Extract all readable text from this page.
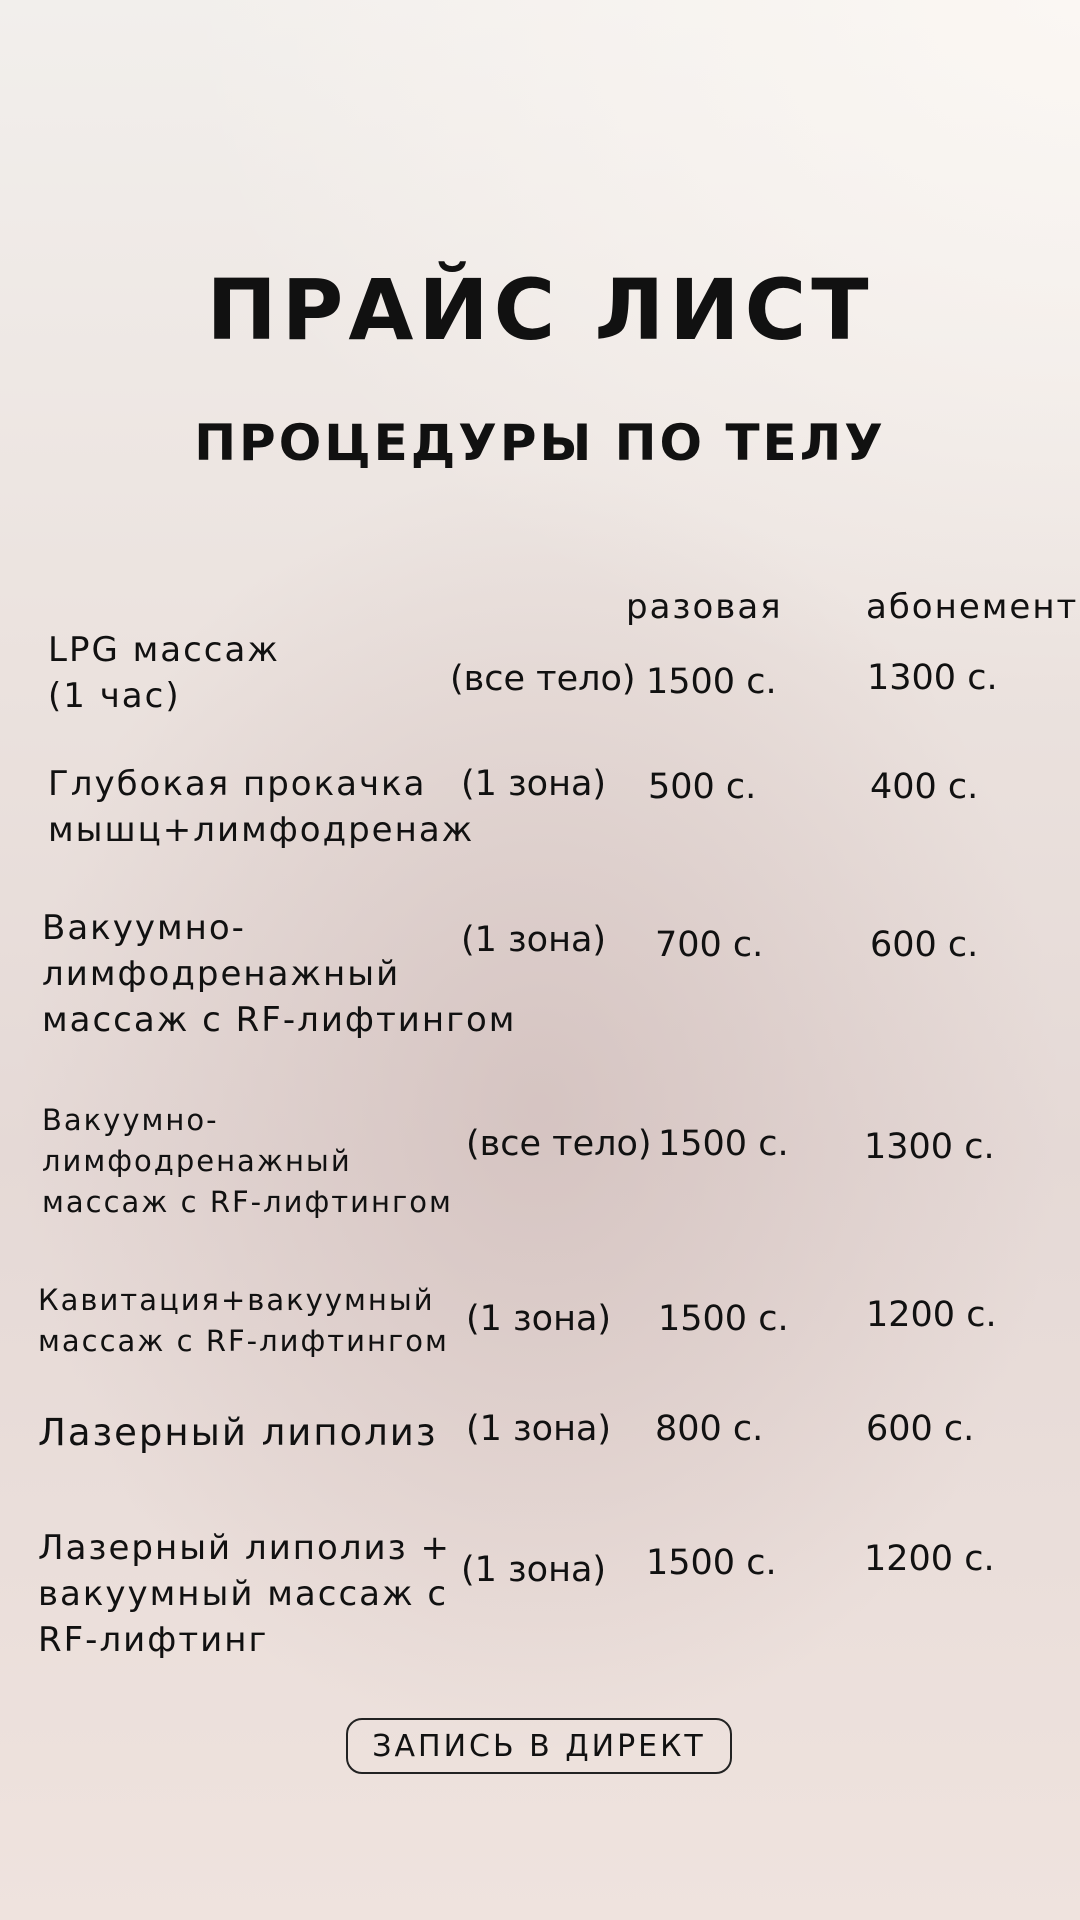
ПРАЙС ЛИСТ
ПРОЦЕДУРЫ ПО ТЕЛУ
разовая абонемент
LPG массаж
(1 час)	(все тело) 1500 с.	1300 с.
Глубокая прокачка
мышц+лимфодренаж
(1 зона) 500 с.	400 с.
Вакуумно-
лимфодренажный
массаж с RF-лифтингом
(1 зона) 700 с.	600 с.
Вакуумно-
лимфодренажный
массаж с RF-лифтингом
(все тело) 1500 с. 1300 с.
Кавитация+вакуумный
массаж с RF-лифтингом
(1 зона) 1500 с. 1200 с.
Лазерный липолиз (1 зона) 800 с.	600 с.
Лазерный липолиз +
вакуумный массаж с
RF-лифтинг
(1 зона) 1500 с. 1200 с.
ЗАПИСЬ В ДИРЕКТ
